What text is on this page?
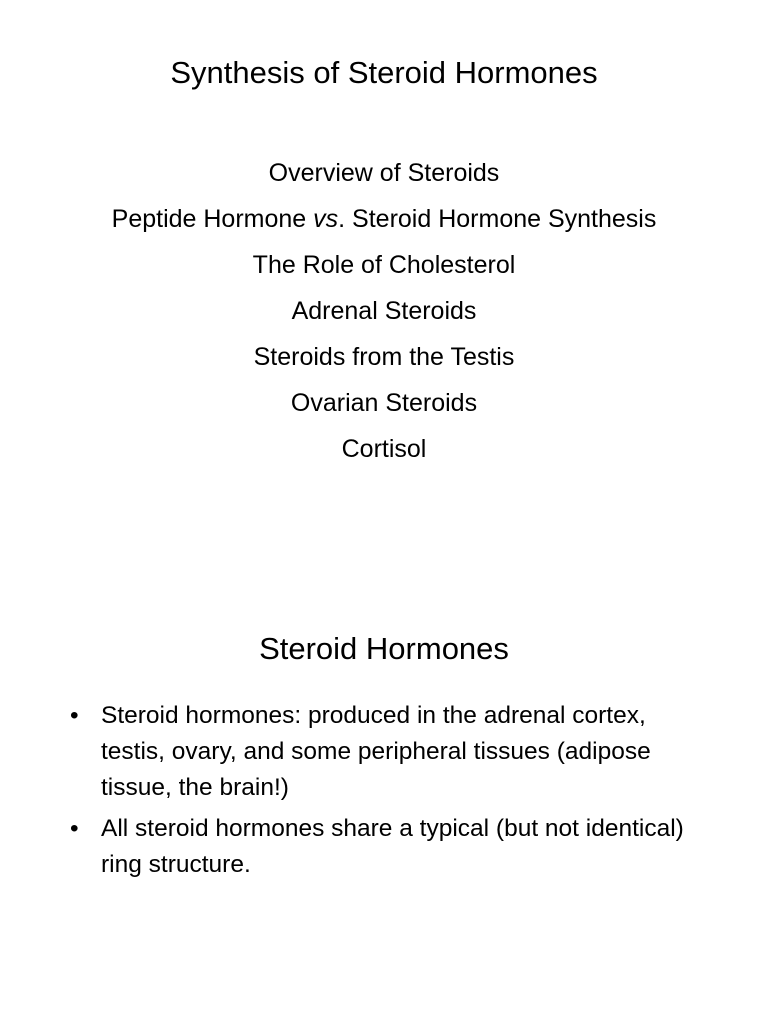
Synthesis of Steroid Hormones
Overview of Steroids
Peptide Hormone vs. Steroid Hormone Synthesis
The Role of Cholesterol
Adrenal Steroids
Steroids from the Testis
Ovarian Steroids
Cortisol
Steroid Hormones
• Steroid hormones: produced in the adrenal cortex, testis, ovary, and some peripheral tissues (adipose tissue, the brain!)
• All steroid hormones share a typical (but not identical) ring structure.
